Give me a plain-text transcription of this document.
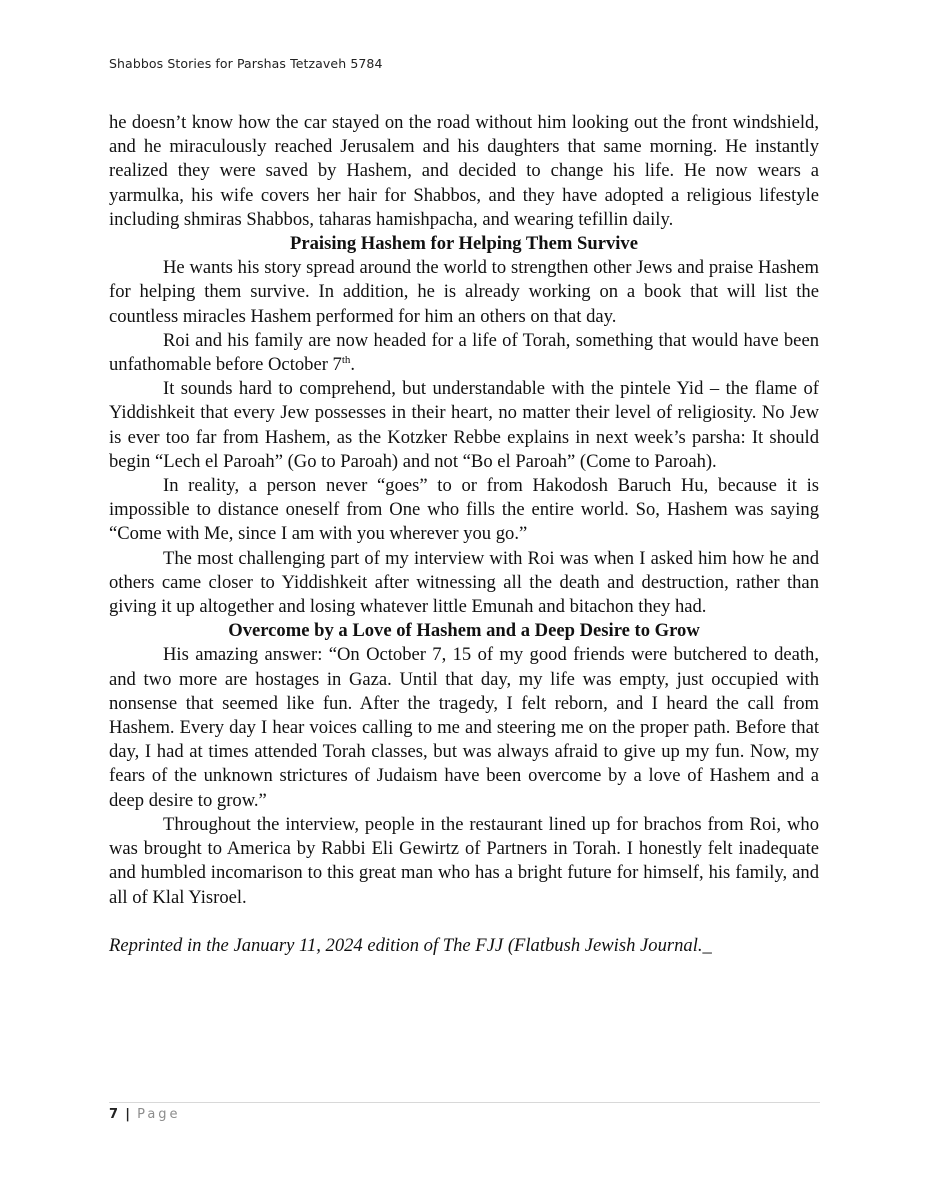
Shabbos Stories for Parshas Tetzaveh 5784

he doesn’t know how the car stayed on the road without him looking out the front windshield, and he miraculously reached Jerusalem and his daughters that same morning. He instantly realized they were saved by Hashem, and decided to change his life. He now wears a yarmulka, his wife covers her hair for Shabbos, and they have adopted a religious lifestyle including shmiras Shabbos, taharas hamishpacha, and wearing tefillin daily.

Praising Hashem for Helping Them Survive

He wants his story spread around the world to strengthen other Jews and praise Hashem for helping them survive. In addition, he is already working on a book that will list the countless miracles Hashem performed for him an others on that day.

Roi and his family are now headed for a life of Torah, something that would have been unfathomable before October 7th.

It sounds hard to comprehend, but understandable with the pintele Yid – the flame of Yiddishkeit that every Jew possesses in their heart, no matter their level of religiosity. No Jew is ever too far from Hashem, as the Kotzker Rebbe explains in next week’s parsha: It should begin “Lech el Paroah” (Go to Paroah) and not “Bo el Paroah” (Come to Paroah).

In reality, a person never “goes” to or from Hakodosh Baruch Hu, because it is impossible to distance oneself from One who fills the entire world. So, Hashem was saying “Come with Me, since I am with you wherever you go.”

The most challenging part of my interview with Roi was when I asked him how he and others came closer to Yiddishkeit after witnessing all the death and destruction, rather than giving it up altogether and losing whatever little Emunah and bitachon they had.

Overcome by a Love of Hashem and a Deep Desire to Grow

His amazing answer: “On October 7, 15 of my good friends were butchered to death, and two more are hostages in Gaza. Until that day, my life was empty, just occupied with nonsense that seemed like fun. After the tragedy, I felt reborn, and I heard the call from Hashem. Every day I hear voices calling to me and steering me on the proper path. Before that day, I had at times attended Torah classes, but was always afraid to give up my fun. Now, my fears of the unknown strictures of Judaism have been overcome by a love of Hashem and a deep desire to grow.”

Throughout the interview, people in the restaurant lined up for brachos from Roi, who was brought to America by Rabbi Eli Gewirtz of Partners in Torah. I honestly felt inadequate and humbled incomarison to this great man who has a bright future for himself, his family, and all of Klal Yisroel.

Reprinted in the January 11, 2024 edition of The FJJ (Flatbush Jewish Journal._

7 | Page
